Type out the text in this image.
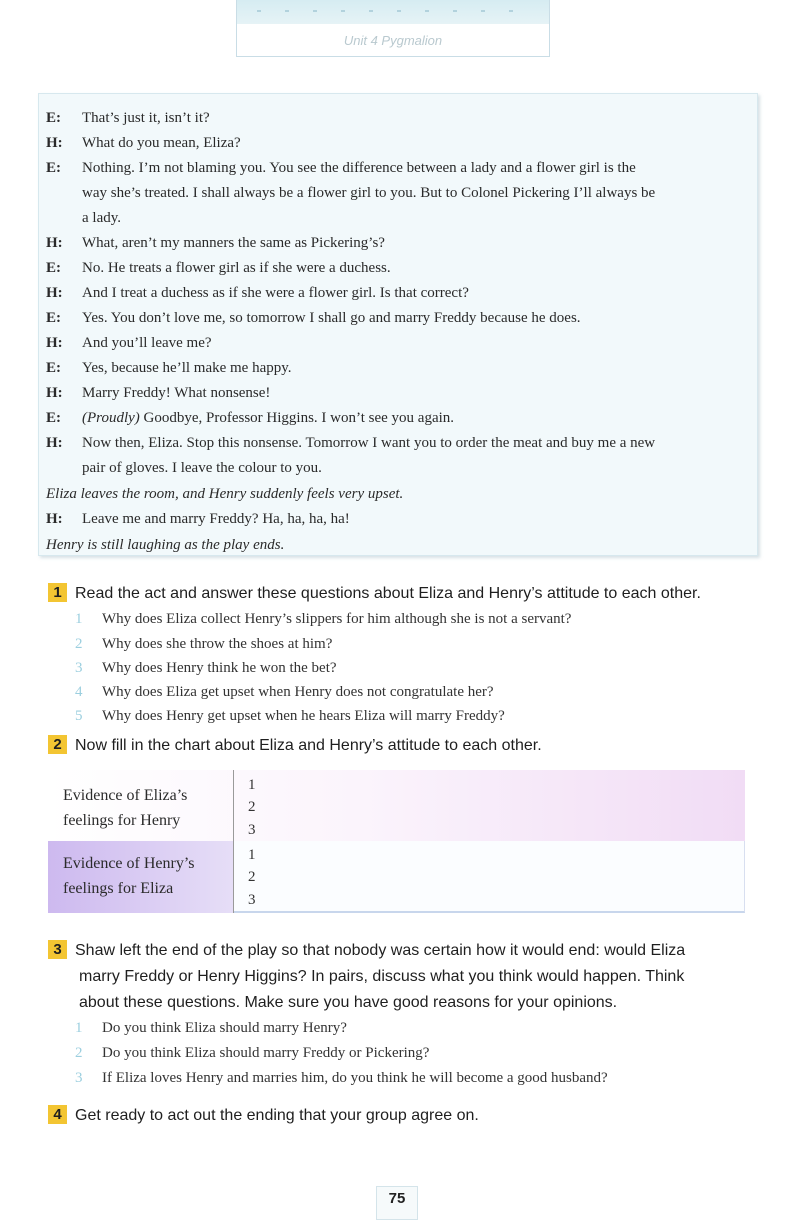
Unit 4 Pygmalion
E: That’s just it, isn’t it?
H: What do you mean, Eliza?
E: Nothing. I’m not blaming you. You see the difference between a lady and a flower girl is the
way she’s treated. I shall always be a flower girl to you. But to Colonel Pickering I’ll always be
a lady.
H: What, aren’t my manners the same as Pickering’s?
E: No. He treats a flower girl as if she were a duchess.
H: And I treat a duchess as if she were a flower girl. Is that correct?
E: Yes. You don’t love me, so tomorrow I shall go and marry Freddy because he does.
H: And you’ll leave me?
E: Yes, because he’ll make me happy.
H: Marry Freddy! What nonsense!
E: (Proudly) Goodbye, Professor Higgins. I won’t see you again.
H: Now then, Eliza. Stop this nonsense. Tomorrow I want you to order the meat and buy me a new
pair of gloves. I leave the colour to you.
Eliza leaves the room, and Henry suddenly feels very upset.
H: Leave me and marry Freddy? Ha, ha, ha, ha!
Henry is still laughing as the play ends.
1 Read the act and answer these questions about Eliza and Henry’s attitude to each other.
1 Why does Eliza collect Henry’s slippers for him although she is not a servant?
2 Why does she throw the shoes at him?
3 Why does Henry think he won the bet?
4 Why does Eliza get upset when Henry does not congratulate her?
5 Why does Henry get upset when he hears Eliza will marry Freddy?
2 Now fill in the chart about Eliza and Henry’s attitude to each other.
Evidence of Eliza’s
feelings for Henry
1
2
3
Evidence of Henry’s
feelings for Eliza
1
2
3
3 Shaw left the end of the play so that nobody was certain how it would end: would Eliza
marry Freddy or Henry Higgins? In pairs, discuss what you think would happen. Think
about these questions. Make sure you have good reasons for your opinions.
1 Do you think Eliza should marry Henry?
2 Do you think Eliza should marry Freddy or Pickering?
3 If Eliza loves Henry and marries him, do you think he will become a good husband?
4 Get ready to act out the ending that your group agree on.
75
